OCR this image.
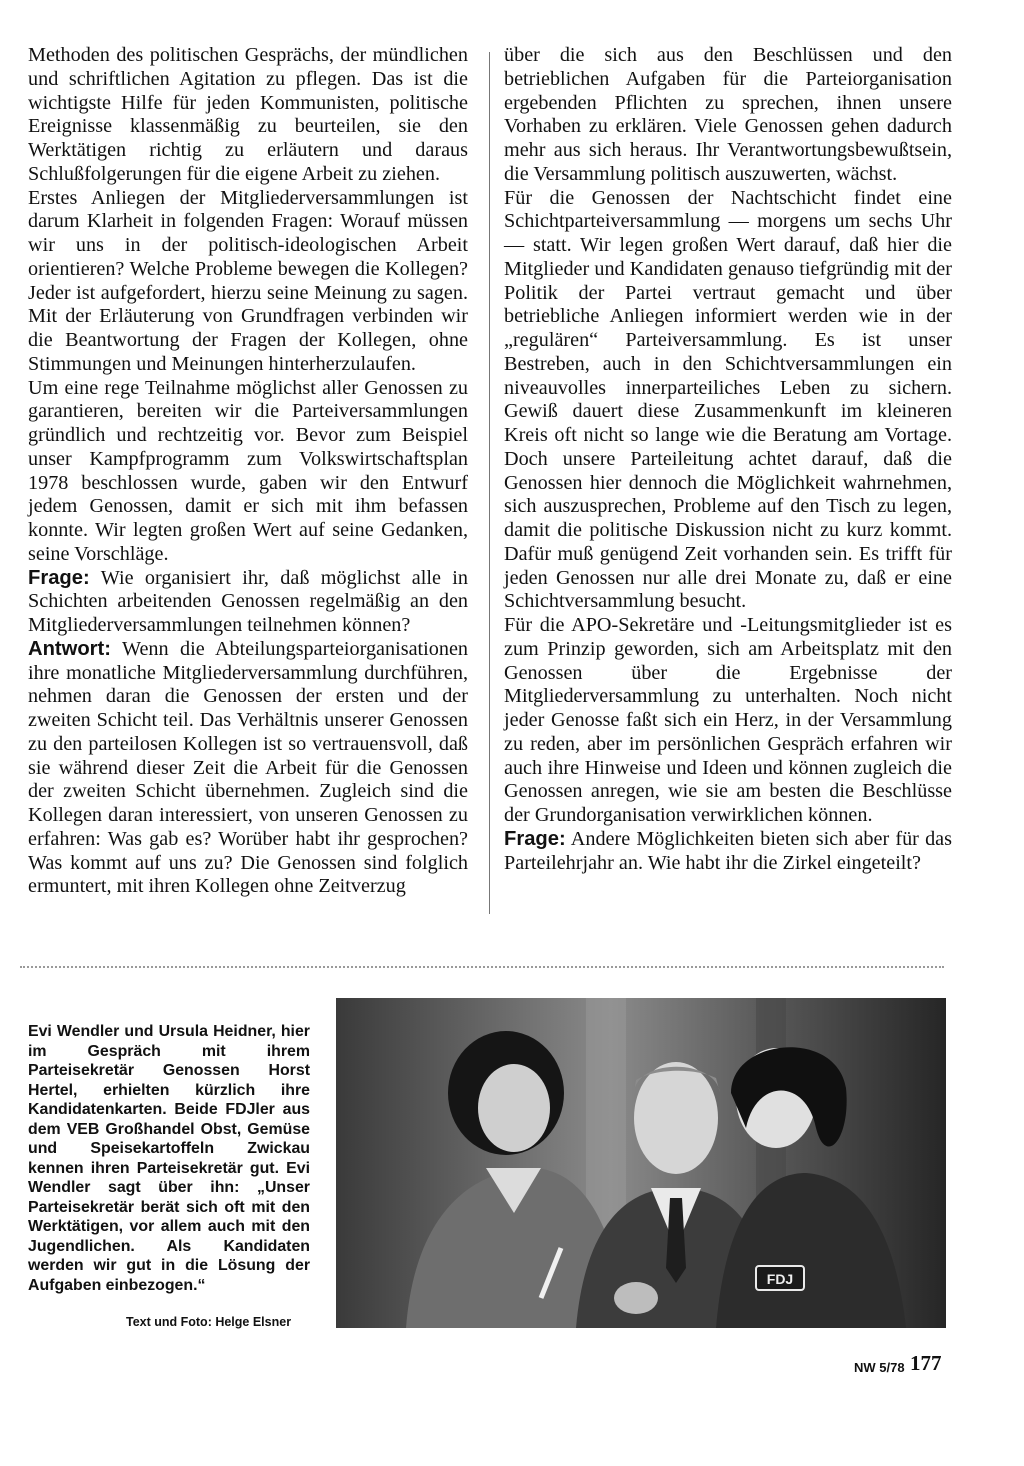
Methoden des politischen Gesprächs, der mündlichen und schriftlichen Agitation zu pflegen. Das ist die wichtigste Hilfe für jeden Kommunisten, politische Ereignisse klassenmäßig zu beurteilen, sie den Werktätigen richtig zu erläutern und daraus Schlußfolgerungen für die eigene Arbeit zu ziehen.

Erstes Anliegen der Mitgliederversammlungen ist darum Klarheit in folgenden Fragen: Worauf müssen wir uns in der politisch-ideologischen Arbeit orientieren? Welche Probleme bewegen die Kollegen? Jeder ist aufgefordert, hierzu seine Meinung zu sagen. Mit der Erläuterung von Grundfragen verbinden wir die Beantwortung der Fragen der Kollegen, ohne Stimmungen und Meinungen hinterherzulaufen.

Um eine rege Teilnahme möglichst aller Genossen zu garantieren, bereiten wir die Parteiversammlungen gründlich und rechtzeitig vor. Bevor zum Beispiel unser Kampfprogramm zum Volkswirtschaftsplan 1978 beschlossen wurde, gaben wir den Entwurf jedem Genossen, damit er sich mit ihm befassen konnte. Wir legten großen Wert auf seine Gedanken, seine Vorschläge.

Frage: Wie organisiert ihr, daß möglichst alle in Schichten arbeitenden Genossen regelmäßig an den Mitgliederversammlungen teilnehmen können?

Antwort: Wenn die Abteilungsparteiorganisationen ihre monatliche Mitgliederversammlung durchführen, nehmen daran die Genossen der ersten und der zweiten Schicht teil. Das Verhältnis unserer Genossen zu den parteilosen Kollegen ist so vertrauensvoll, daß sie während dieser Zeit die Arbeit für die Genossen der zweiten Schicht übernehmen. Zugleich sind die Kollegen daran interessiert, von unseren Genossen zu erfahren: Was gab es? Worüber habt ihr gesprochen? Was kommt auf uns zu? Die Genossen sind folglich ermuntert, mit ihren Kollegen ohne Zeitverzug

über die sich aus den Beschlüssen und den betrieblichen Aufgaben für die Parteiorganisation ergebenden Pflichten zu sprechen, ihnen unsere Vorhaben zu erklären. Viele Genossen gehen dadurch mehr aus sich heraus. Ihr Verantwortungsbewußtsein, die Versammlung politisch auszuwerten, wächst.

Für die Genossen der Nachtschicht findet eine Schichtparteiversammlung — morgens um sechs Uhr — statt. Wir legen großen Wert darauf, daß hier die Mitglieder und Kandidaten genauso tiefgründig mit der Politik der Partei vertraut gemacht und über betriebliche Anliegen informiert werden wie in der „regulären“ Parteiversammlung. Es ist unser Bestreben, auch in den Schichtversammlungen ein niveauvolles innerparteiliches Leben zu sichern. Gewiß dauert diese Zusammenkunft im kleineren Kreis oft nicht so lange wie die Beratung am Vortage. Doch unsere Parteileitung achtet darauf, daß die Genossen hier dennoch die Möglichkeit wahrnehmen, sich auszusprechen, Probleme auf den Tisch zu legen, damit die politische Diskussion nicht zu kurz kommt. Dafür muß genügend Zeit vorhanden sein. Es trifft für jeden Genossen nur alle drei Monate zu, daß er eine Schichtversammlung besucht.

Für die APO-Sekretäre und -Leitungsmitglieder ist es zum Prinzip geworden, sich am Arbeitsplatz mit den Genossen über die Ergebnisse der Mitgliederversammlung zu unterhalten. Noch nicht jeder Genosse faßt sich ein Herz, in der Versammlung zu reden, aber im persönlichen Gespräch erfahren wir auch ihre Hinweise und Ideen und können zugleich die Genossen anregen, wie sie am besten die Beschlüsse der Grundorganisation verwirklichen können.

Frage: Andere Möglichkeiten bieten sich aber für das Parteilehrjahr an. Wie habt ihr die Zirkel eingeteilt?

Evi Wendler und Ursula Heidner, hier im Gespräch mit ihrem Parteisekretär Genossen Horst Hertel, erhielten kürzlich ihre Kandidatenkarten. Beide FDJler aus dem VEB Großhandel Obst, Gemüse und Speisekartoffeln Zwickau kennen ihren Parteisekretär gut. Evi Wendler sagt über ihn: „Unser Parteisekretär berät sich oft mit den Werktätigen, vor allem auch mit den Jugendlichen. Als Kandidaten werden wir gut in die Lösung der Aufgaben einbezogen.“
Text und Foto: Helge Elsner
FDJ
NW 5/78 177
